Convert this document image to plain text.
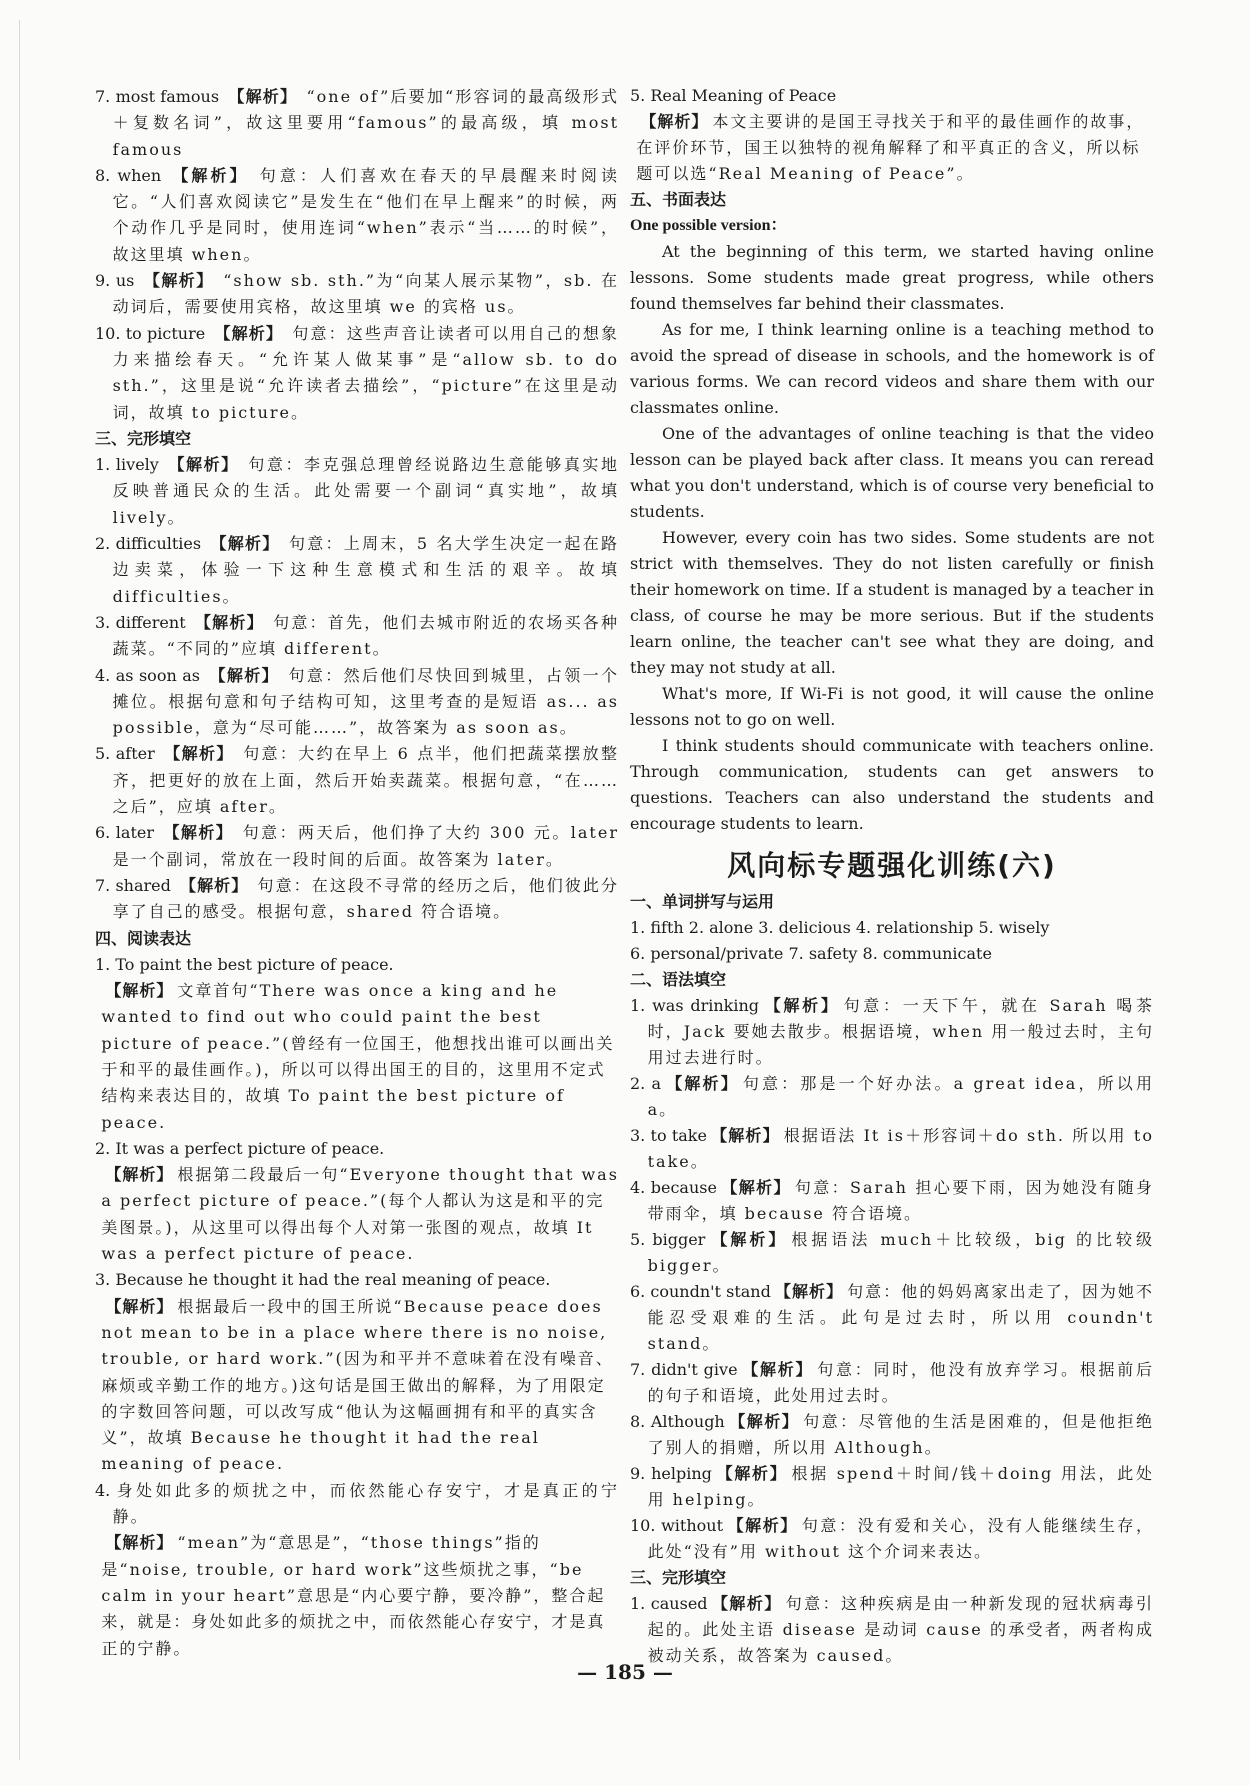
7. most famous 【解析】 “one of”后要加“形容词的最高级形式＋复数名词”，故这里要用“famous”的最高级，填 most famous
8. when 【解析】 句意：人们喜欢在春天的早晨醒来时阅读它。“人们喜欢阅读它”是发生在“他们在早上醒来”的时候，两个动作几乎是同时，使用连词“when”表示“当……的时候”，故这里填 when。
9. us 【解析】 “show sb. sth.”为“向某人展示某物”，sb. 在动词后，需要使用宾格，故这里填 we 的宾格 us。
10. to picture 【解析】 句意：这些声音让读者可以用自己的想象力来描绘春天。“允许某人做某事”是“allow sb. to do sth.”，这里是说“允许读者去描绘”，“picture”在这里是动词，故填 to picture。
三、完形填空
1. lively 【解析】 句意：李克强总理曾经说路边生意能够真实地反映普通民众的生活。此处需要一个副词“真实地”，故填 lively。
2. difficulties 【解析】 句意：上周末，5 名大学生决定一起在路边卖菜，体验一下这种生意模式和生活的艰辛。故填 difficulties。
3. different 【解析】 句意：首先，他们去城市附近的农场买各种蔬菜。“不同的”应填 different。
4. as soon as 【解析】 句意：然后他们尽快回到城里，占领一个摊位。根据句意和句子结构可知，这里考查的是短语 as... as possible，意为“尽可能……”，故答案为 as soon as。
5. after 【解析】 句意：大约在早上 6 点半，他们把蔬菜摆放整齐，把更好的放在上面，然后开始卖蔬菜。根据句意，“在……之后”，应填 after。
6. later 【解析】 句意：两天后，他们挣了大约 300 元。later 是一个副词，常放在一段时间的后面。故答案为 later。
7. shared 【解析】 句意：在这段不寻常的经历之后，他们彼此分享了自己的感受。根据句意，shared 符合语境。
四、阅读表达
1. To paint the best picture of peace.
【解析】 文章首句“There was once a king and he wanted to find out who could paint the best picture of peace.”(曾经有一位国王，他想找出谁可以画出关于和平的最佳画作。)，所以可以得出国王的目的，这里用不定式结构来表达目的，故填 To paint the best picture of peace.
2. It was a perfect picture of peace.
【解析】 根据第二段最后一句“Everyone thought that was a perfect picture of peace.”(每个人都认为这是和平的完美图景。)，从这里可以得出每个人对第一张图的观点，故填 It was a perfect picture of peace.
3. Because he thought it had the real meaning of peace.
【解析】 根据最后一段中的国王所说“Because peace does not mean to be in a place where there is no noise, trouble, or hard work.”(因为和平并不意味着在没有噪音、麻烦或辛勤工作的地方。)这句话是国王做出的解释，为了用限定的字数回答问题，可以改写成“他认为这幅画拥有和平的真实含义”，故填 Because he thought it had the real meaning of peace.
4. 身处如此多的烦扰之中，而依然能心存安宁，才是真正的宁静。
【解析】 “mean”为“意思是”，“those things”指的是“noise, trouble, or hard work”这些烦扰之事，“be calm in your heart”意思是“内心要宁静，要冷静”，整合起来，就是：身处如此多的烦扰之中，而依然能心存安宁，才是真正的宁静。
5. Real Meaning of Peace
【解析】 本文主要讲的是国王寻找关于和平的最佳画作的故事，在评价环节，国王以独特的视角解释了和平真正的含义，所以标题可以选“Real Meaning of Peace”。
五、书面表达
One possible version：

At the beginning of this term, we started having online lessons. Some students made great progress, while others found themselves far behind their classmates.

As for me, I think learning online is a teaching method to avoid the spread of disease in schools, and the homework is of various forms. We can record videos and share them with our classmates online.

One of the advantages of online teaching is that the video lesson can be played back after class. It means you can reread what you don't understand, which is of course very beneficial to students.

However, every coin has two sides. Some students are not strict with themselves. They do not listen carefully or finish their homework on time. If a student is managed by a teacher in class, of course he may be more serious. But if the students learn online, the teacher can't see what they are doing, and they may not study at all.

What's more, If Wi-Fi is not good, it will cause the online lessons not to go on well.

I think students should communicate with teachers online. Through communication, students can get answers to questions. Teachers can also understand the students and encourage students to learn.

风向标专题强化训练(六)
一、单词拼写与运用
1. fifth 2. alone 3. delicious 4. relationship 5. wisely
6. personal/private 7. safety 8. communicate
二、语法填空
1. was drinking 【解析】 句意：一天下午，就在 Sarah 喝茶时，Jack 要她去散步。根据语境，when 用一般过去时，主句用过去进行时。
2. a 【解析】 句意：那是一个好办法。a great idea，所以用 a。
3. to take 【解析】 根据语法 It is＋形容词＋do sth. 所以用 to take。
4. because 【解析】 句意：Sarah 担心要下雨，因为她没有随身带雨伞，填 because 符合语境。
5. bigger 【解析】 根据语法 much＋比较级，big 的比较级 bigger。
6. coundn't stand 【解析】 句意：他的妈妈离家出走了，因为她不能忍受艰难的生活。此句是过去时，所以用 coundn't stand。
7. didn't give 【解析】 句意：同时，他没有放弃学习。根据前后的句子和语境，此处用过去时。
8. Although 【解析】 句意：尽管他的生活是困难的，但是他拒绝了别人的捐赠，所以用 Although。
9. helping 【解析】 根据 spend＋时间/钱＋doing 用法，此处用 helping。
10. without 【解析】 句意：没有爱和关心，没有人能继续生存，此处“没有”用 without 这个介词来表达。
三、完形填空
1. caused 【解析】 句意：这种疾病是由一种新发现的冠状病毒引起的。此处主语 disease 是动词 cause 的承受者，两者构成被动关系，故答案为 caused。
— 185 —
